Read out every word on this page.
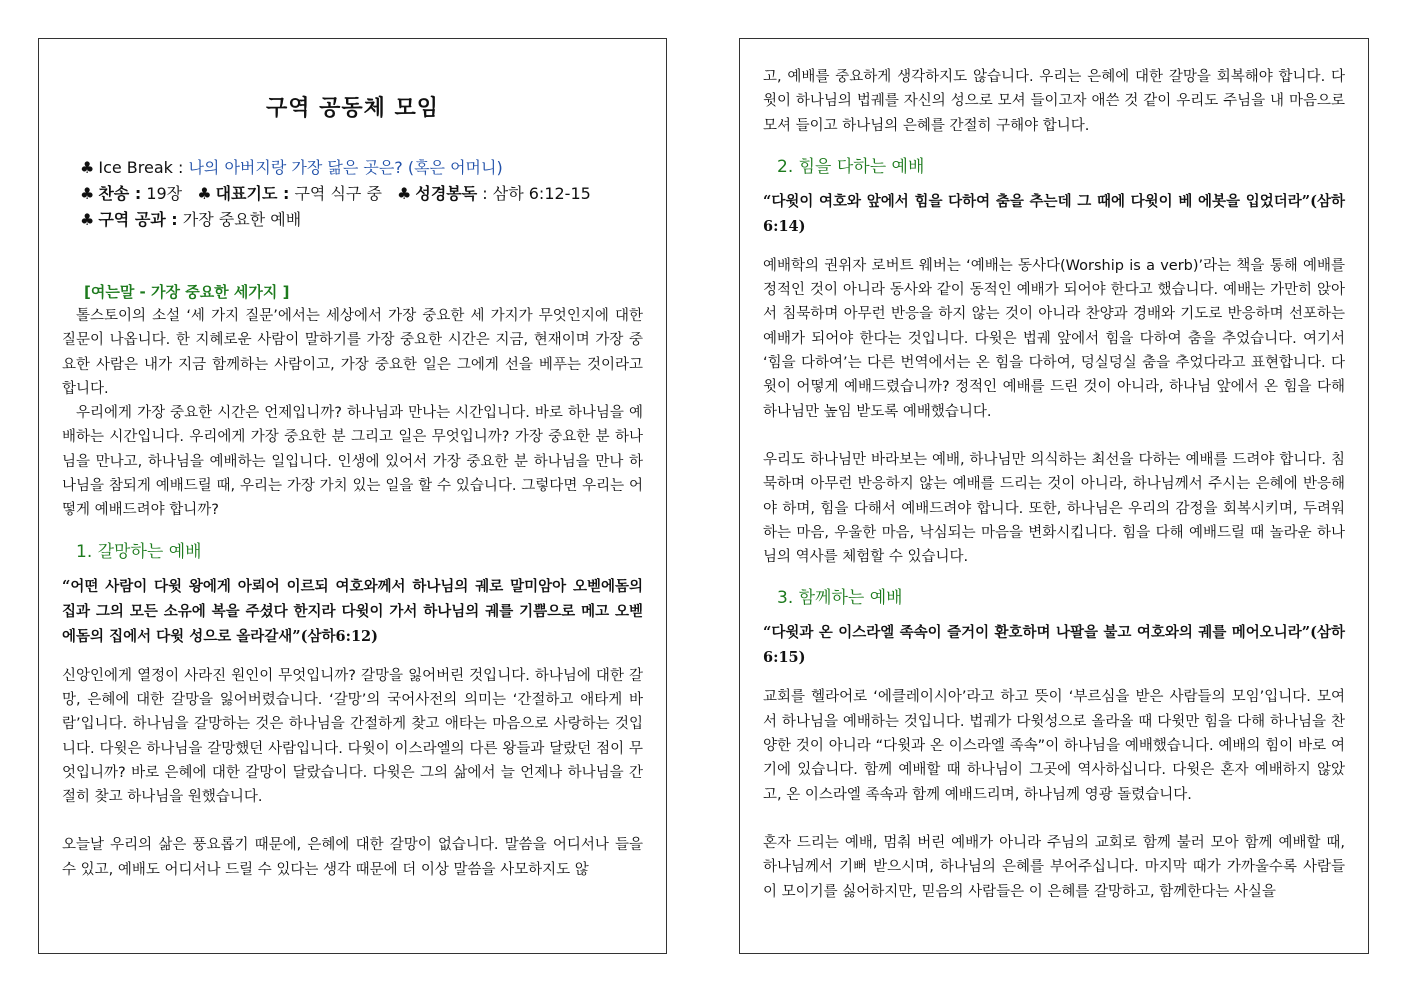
구역 공동체 모임
♣ Ice Break : 나의 아버지랑 가장 닮은 곳은? (혹은 어머니)
♣ 찬송 : 19장 ♣ 대표기도 : 구역 식구 중 ♣ 성경봉독 : 삼하 6:12-15
♣ 구역 공과 : 가장 중요한 예배
[여는말 - 가장 중요한 세가지 ]

톨스토이의 소설 ‘세 가지 질문’에서는 세상에서 가장 중요한 세 가지가 무엇인지에 대한 질문이 나옵니다. 한 지혜로운 사람이 말하기를 가장 중요한 시간은 지금, 현재이며 가장 중요한 사람은 내가 지금 함께하는 사람이고, 가장 중요한 일은 그에게 선을 베푸는 것이라고 합니다.

우리에게 가장 중요한 시간은 언제입니까? 하나님과 만나는 시간입니다. 바로 하나님을 예배하는 시간입니다. 우리에게 가장 중요한 분 그리고 일은 무엇입니까? 가장 중요한 분 하나님을 만나고, 하나님을 예배하는 일입니다. 인생에 있어서 가장 중요한 분 하나님을 만나 하나님을 참되게 예배드릴 때, 우리는 가장 가치 있는 일을 할 수 있습니다. 그렇다면 우리는 어떻게 예배드려야 합니까?

1. 갈망하는 예배

“어떤 사람이 다윗 왕에게 아뢰어 이르되 여호와께서 하나님의 궤로 말미암아 오벧에돔의 집과 그의 모든 소유에 복을 주셨다 한지라 다윗이 가서 하나님의 궤를 기쁨으로 메고 오벧에돔의 집에서 다윗 성으로 올라갈새”(삼하6:12)

신앙인에게 열정이 사라진 원인이 무엇입니까? 갈망을 잃어버린 것입니다. 하나님에 대한 갈망, 은혜에 대한 갈망을 잃어버렸습니다. ‘갈망’의 국어사전의 의미는 ‘간절하고 애타게 바람’입니다. 하나님을 갈망하는 것은 하나님을 간절하게 찾고 애타는 마음으로 사랑하는 것입니다. 다윗은 하나님을 갈망했던 사람입니다. 다윗이 이스라엘의 다른 왕들과 달랐던 점이 무엇입니까? 바로 은혜에 대한 갈망이 달랐습니다. 다윗은 그의 삶에서 늘 언제나 하나님을 간절히 찾고 하나님을 원했습니다.

오늘날 우리의 삶은 풍요롭기 때문에, 은혜에 대한 갈망이 없습니다. 말씀을 어디서나 들을 수 있고, 예배도 어디서나 드릴 수 있다는 생각 때문에 더 이상 말씀을 사모하지도 않

고, 예배를 중요하게 생각하지도 않습니다. 우리는 은혜에 대한 갈망을 회복해야 합니다. 다윗이 하나님의 법궤를 자신의 성으로 모셔 들이고자 애쓴 것 같이 우리도 주님을 내 마음으로 모셔 들이고 하나님의 은혜를 간절히 구해야 합니다.

2. 힘을 다하는 예배

“다윗이 여호와 앞에서 힘을 다하여 춤을 추는데 그 때에 다윗이 베 에봇을 입었더라”(삼하6:14)

예배학의 권위자 로버트 웨버는 ‘예배는 동사다(Worship is a verb)’라는 책을 통해 예배를 정적인 것이 아니라 동사와 같이 동적인 예배가 되어야 한다고 했습니다. 예배는 가만히 앉아서 침묵하며 아무런 반응을 하지 않는 것이 아니라 찬양과 경배와 기도로 반응하며 선포하는 예배가 되어야 한다는 것입니다. 다윗은 법궤 앞에서 힘을 다하여 춤을 추었습니다. 여기서 ‘힘을 다하여’는 다른 번역에서는 온 힘을 다하여, 덩실덩실 춤을 추었다라고 표현합니다. 다윗이 어떻게 예배드렸습니까? 정적인 예배를 드린 것이 아니라, 하나님 앞에서 온 힘을 다해 하나님만 높임 받도록 예배했습니다.

우리도 하나님만 바라보는 예배, 하나님만 의식하는 최선을 다하는 예배를 드려야 합니다. 침묵하며 아무런 반응하지 않는 예배를 드리는 것이 아니라, 하나님께서 주시는 은혜에 반응해야 하며, 힘을 다해서 예배드려야 합니다. 또한, 하나님은 우리의 감정을 회복시키며, 두려워하는 마음, 우울한 마음, 낙심되는 마음을 변화시킵니다. 힘을 다해 예배드릴 때 놀라운 하나님의 역사를 체험할 수 있습니다.

3. 함께하는 예배

“다윗과 온 이스라엘 족속이 즐거이 환호하며 나팔을 불고 여호와의 궤를 메어오니라”(삼하6:15)

교회를 헬라어로 ‘에클레이시아’라고 하고 뜻이 ‘부르심을 받은 사람들의 모임’입니다. 모여서 하나님을 예배하는 것입니다. 법궤가 다윗성으로 올라올 때 다윗만 힘을 다해 하나님을 찬양한 것이 아니라 “다윗과 온 이스라엘 족속”이 하나님을 예배했습니다. 예배의 힘이 바로 여기에 있습니다. 함께 예배할 때 하나님이 그곳에 역사하십니다. 다윗은 혼자 예배하지 않았고, 온 이스라엘 족속과 함께 예배드리며, 하나님께 영광 돌렸습니다.

혼자 드리는 예배, 멈춰 버린 예배가 아니라 주님의 교회로 함께 불러 모아 함께 예배할 때, 하나님께서 기뻐 받으시며, 하나님의 은혜를 부어주십니다. 마지막 때가 가까울수록 사람들이 모이기를 싫어하지만, 믿음의 사람들은 이 은혜를 갈망하고, 함께한다는 사실을
